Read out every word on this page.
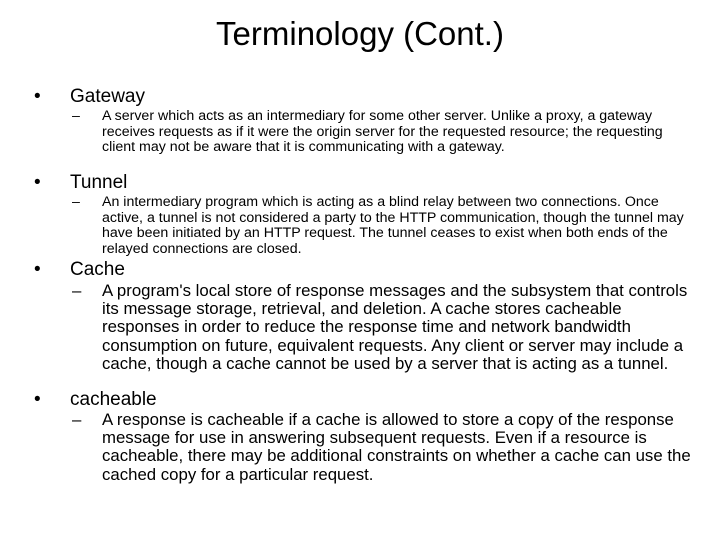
Terminology (Cont.)
• Gateway
– A server which acts as an intermediary for some other server. Unlike a proxy, a gateway receives requests as if it were the origin server for the requested resource; the requesting client may not be aware that it is communicating with a gateway.
• Tunnel
– An intermediary program which is acting as a blind relay between two connections. Once active, a tunnel is not considered a party to the HTTP communication, though the tunnel may have been initiated by an HTTP request. The tunnel ceases to exist when both ends of the relayed connections are closed.
• Cache
– A program's local store of response messages and the subsystem that controls its message storage, retrieval, and deletion. A cache stores cacheable responses in order to reduce the response time and network bandwidth consumption on future, equivalent requests. Any client or server may include a cache, though a cache cannot be used by a server that is acting as a tunnel.
• cacheable
– A response is cacheable if a cache is allowed to store a copy of the response message for use in answering subsequent requests. Even if a resource is cacheable, there may be additional constraints on whether a cache can use the cached copy for a particular request.
